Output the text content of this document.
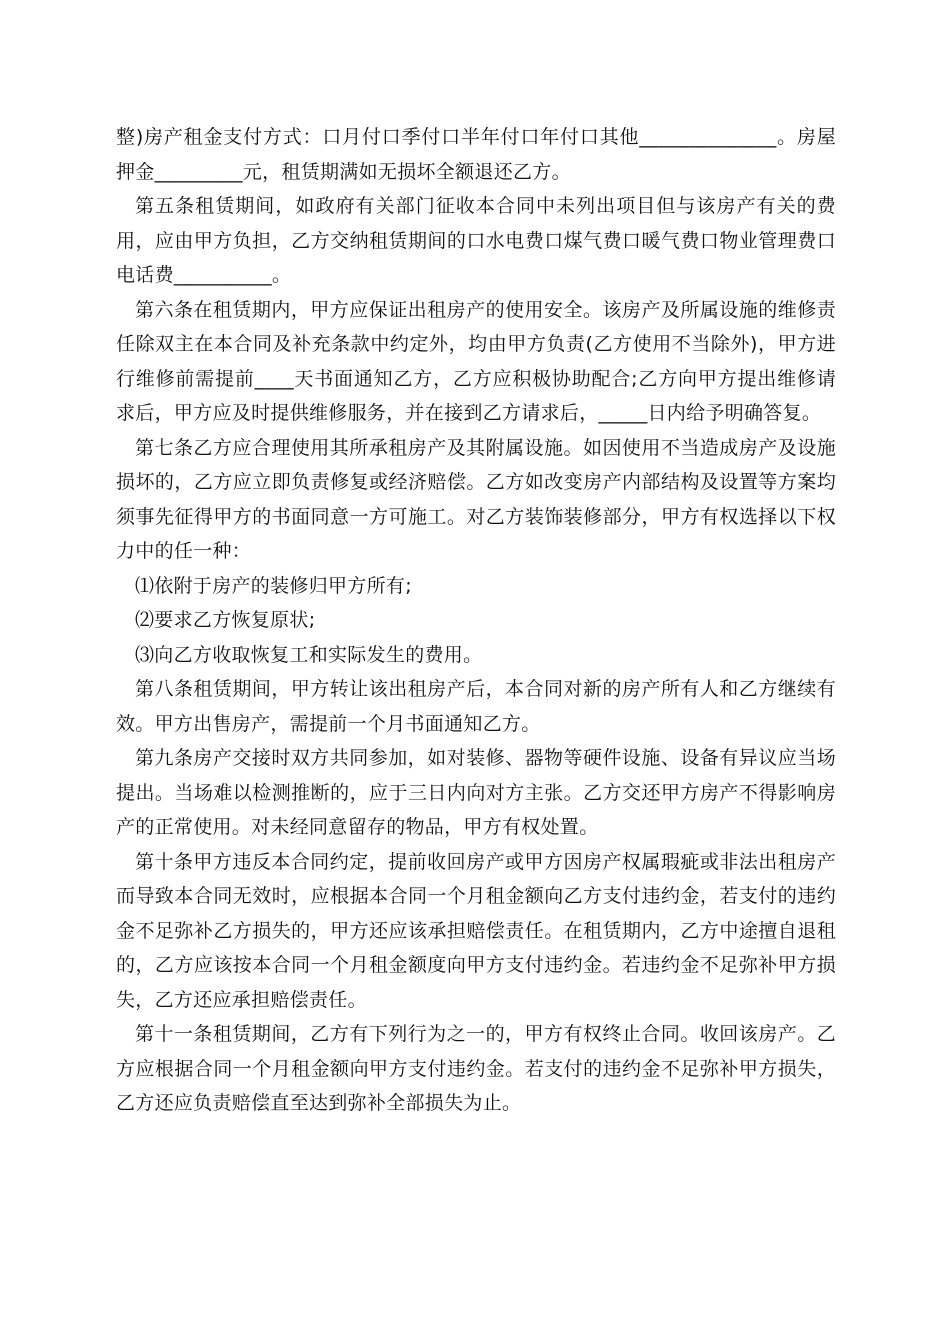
整)房产租金支付方式：口月付口季付口半年付口年付口其他______________。房屋押金_________元，租赁期满如无损坏全额退还乙方。

第五条租赁期间，如政府有关部门征收本合同中未列出项目但与该房产有关的费用，应由甲方负担，乙方交纳租赁期间的口水电费口煤气费口暖气费口物业管理费口电话费__________。

第六条在租赁期内，甲方应保证出租房产的使用安全。该房产及所属设施的维修责任除双主在本合同及补充条款中约定外，均由甲方负责(乙方使用不当除外)，甲方进行维修前需提前____天书面通知乙方，乙方应积极协助配合;乙方向甲方提出维修请求后，甲方应及时提供维修服务，并在接到乙方请求后，_____日内给予明确答复。

第七条乙方应合理使用其所承租房产及其附属设施。如因使用不当造成房产及设施损坏的，乙方应立即负责修复或经济赔偿。乙方如改变房产内部结构及设置等方案均须事先征得甲方的书面同意一方可施工。对乙方装饰装修部分，甲方有权选择以下权力中的任一种：

⑴依附于房产的装修归甲方所有;

⑵要求乙方恢复原状;

⑶向乙方收取恢复工和实际发生的费用。

第八条租赁期间，甲方转让该出租房产后，本合同对新的房产所有人和乙方继续有效。甲方出售房产，需提前一个月书面通知乙方。

第九条房产交接时双方共同参加，如对装修、器物等硬件设施、设备有异议应当场提出。当场难以检测推断的，应于三日内向对方主张。乙方交还甲方房产不得影响房产的正常使用。对未经同意留存的物品，甲方有权处置。

第十条甲方违反本合同约定，提前收回房产或甲方因房产权属瑕疵或非法出租房产而导致本合同无效时，应根据本合同一个月租金额向乙方支付违约金，若支付的违约金不足弥补乙方损失的，甲方还应该承担赔偿责任。在租赁期内，乙方中途擅自退租的，乙方应该按本合同一个月租金额度向甲方支付违约金。若违约金不足弥补甲方损失，乙方还应承担赔偿责任。

第十一条租赁期间，乙方有下列行为之一的，甲方有权终止合同。收回该房产。乙方应根据合同一个月租金额向甲方支付违约金。若支付的违约金不足弥补甲方损失，乙方还应负责赔偿直至达到弥补全部损失为止。
